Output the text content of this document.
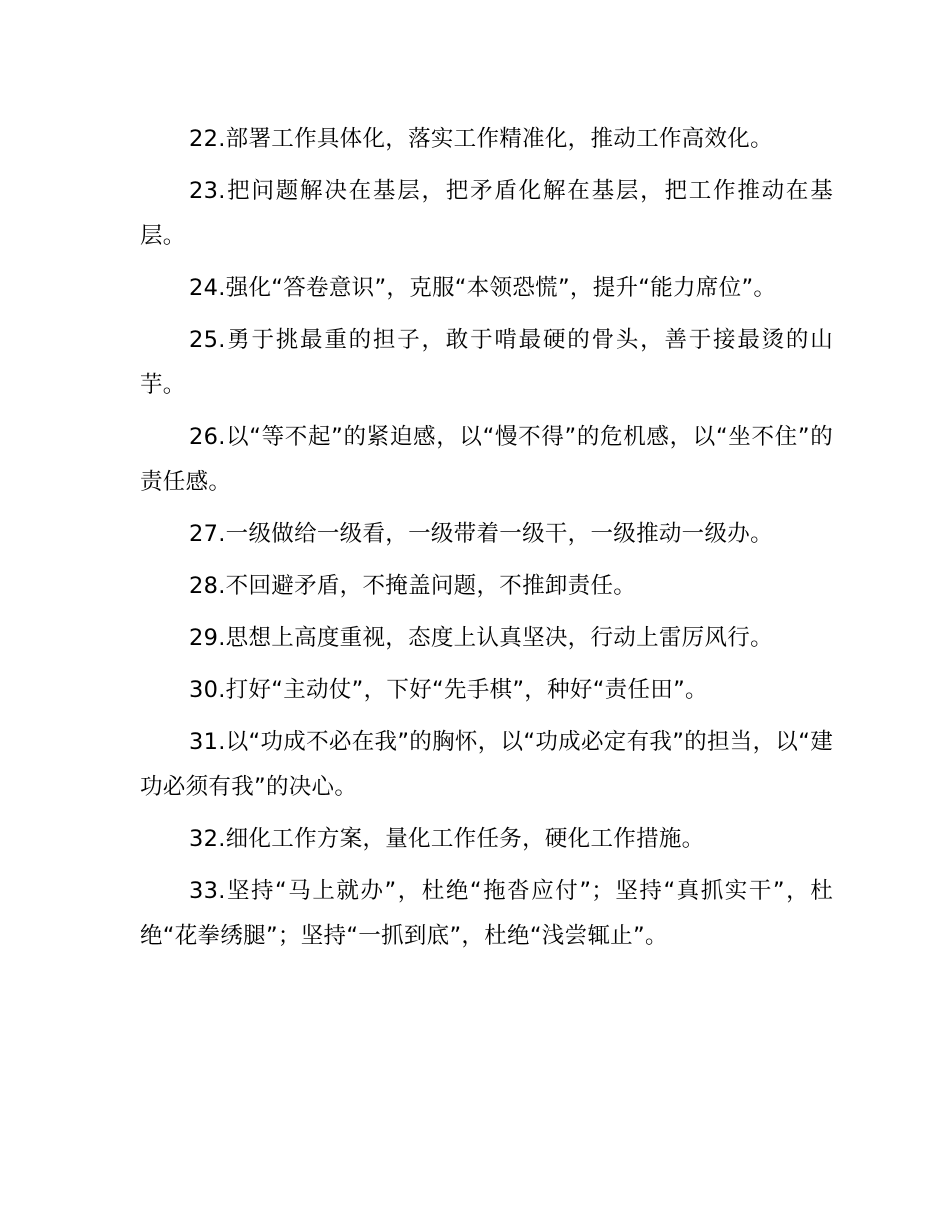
22.部署工作具体化，落实工作精准化，推动工作高效化。

23.把问题解决在基层，把矛盾化解在基层，把工作推动在基层。

24.强化“答卷意识”，克服“本领恐慌”，提升“能力席位”。

25.勇于挑最重的担子，敢于啃最硬的骨头，善于接最烫的山芋。

26.以“等不起”的紧迫感，以“慢不得”的危机感，以“坐不住”的责任感。

27.一级做给一级看，一级带着一级干，一级推动一级办。

28.不回避矛盾，不掩盖问题，不推卸责任。

29.思想上高度重视，态度上认真坚决，行动上雷厉风行。

30.打好“主动仗”，下好“先手棋”，种好“责任田”。

31.以“功成不必在我”的胸怀，以“功成必定有我”的担当，以“建功必须有我”的决心。

32.细化工作方案，量化工作任务，硬化工作措施。

33.坚持“马上就办”，杜绝“拖沓应付”；坚持“真抓实干”，杜绝“花拳绣腿”；坚持“一抓到底”，杜绝“浅尝辄止”。
